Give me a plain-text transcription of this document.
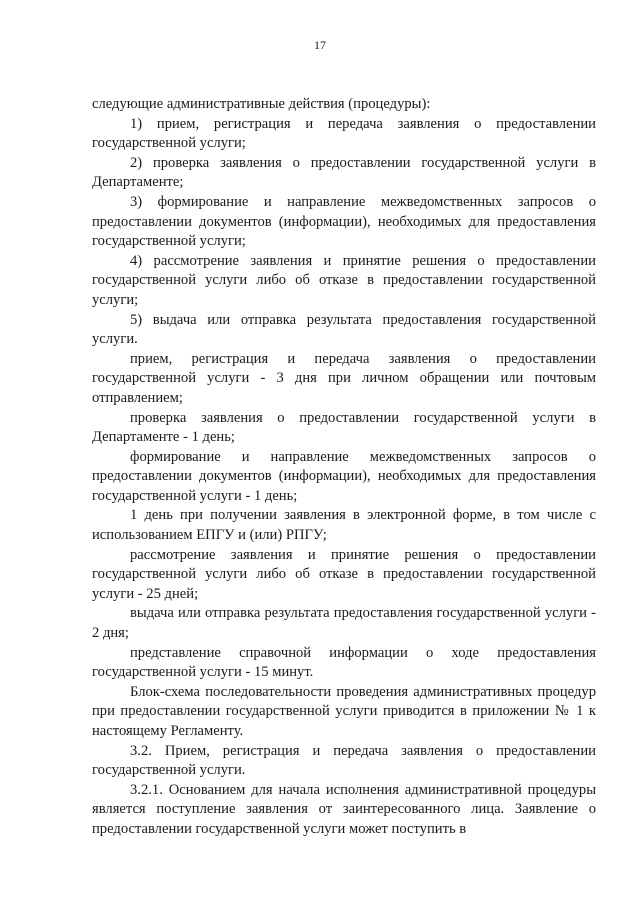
17

следующие административные действия (процедуры):

1) прием, регистрация и передача заявления о предоставлении государственной услуги;

2) проверка заявления о предоставлении государственной услуги в Департаменте;

3) формирование и направление межведомственных запросов о предоставлении документов (информации), необходимых для предоставления государственной услуги;

4) рассмотрение заявления и принятие решения о предоставлении государственной услуги либо об отказе в предоставлении государственной услуги;

5) выдача или отправка результата предоставления государственной услуги.

прием, регистрация и передача заявления о предоставлении государственной услуги - 3 дня при личном обращении или почтовым отправлением;

проверка заявления о предоставлении государственной услуги в Департаменте - 1 день;

формирование и направление межведомственных запросов о предоставлении документов (информации), необходимых для предоставления государственной услуги - 1 день;

1 день при получении заявления в электронной форме, в том числе с использованием ЕПГУ и (или) РПГУ;

рассмотрение заявления и принятие решения о предоставлении государственной услуги либо об отказе в предоставлении государственной услуги - 25 дней;

выдача или отправка результата предоставления государственной услуги - 2 дня;

представление справочной информации о ходе предоставления государственной услуги - 15 минут.

Блок-схема последовательности проведения административных процедур при предоставлении государственной услуги приводится в приложении № 1 к настоящему Регламенту.

3.2. Прием, регистрация и передача заявления о предоставлении государственной услуги.

3.2.1. Основанием для начала исполнения административной процедуры является поступление заявления от заинтересованного лица. Заявление о предоставлении государственной услуги может поступить в
